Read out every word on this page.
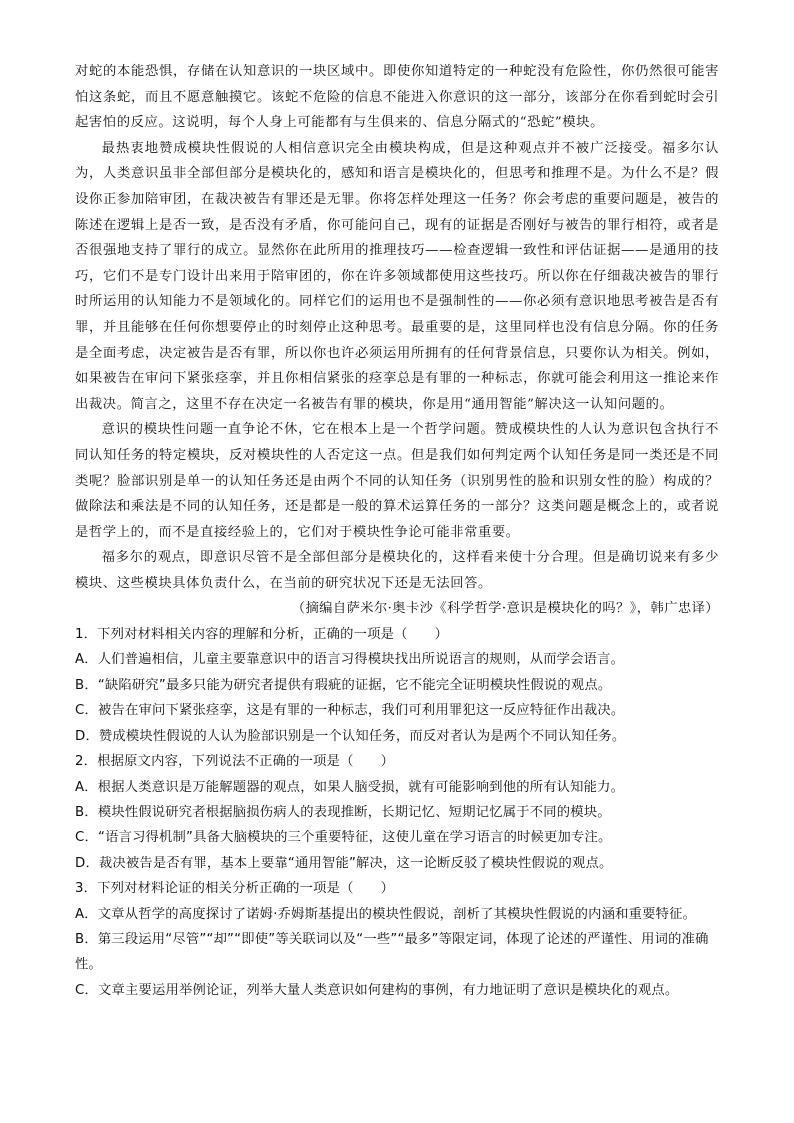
对蛇的本能恐惧，存储在认知意识的一块区域中。即使你知道特定的一种蛇没有危险性，你仍然很可能害怕这条蛇，而且不愿意触摸它。该蛇不危险的信息不能进入你意识的这一部分，该部分在你看到蛇时会引起害怕的反应。这说明，每个人身上可能都有与生俱来的、信息分隔式的“恐蛇”模块。

最热衷地赞成模块性假说的人相信意识完全由模块构成，但是这种观点并不被广泛接受。福多尔认为，人类意识虽非全部但部分是模块化的，感知和语言是模块化的，但思考和推理不是。为什么不是？假设你正参加陪审团，在裁决被告有罪还是无罪。你将怎样处理这一任务？你会考虑的重要问题是，被告的陈述在逻辑上是否一致，是否没有矛盾，你可能问自己，现有的证据是否刚好与被告的罪行相符，或者是否很强地支持了罪行的成立。显然你在此所用的推理技巧——检查逻辑一致性和评估证据——是通用的技巧，它们不是专门设计出来用于陪审团的，你在许多领域都使用这些技巧。所以你在仔细裁决被告的罪行时所运用的认知能力不是领域化的。同样它们的运用也不是强制性的——你必须有意识地思考被告是否有罪，并且能够在任何你想要停止的时刻停止这种思考。最重要的是，这里同样也没有信息分隔。你的任务是全面考虑，决定被告是否有罪，所以你也许必须运用所拥有的任何背景信息，只要你认为相关。例如，如果被告在审问下紧张痉挛，并且你相信紧张的痉挛总是有罪的一种标志，你就可能会利用这一推论来作出裁决。简言之，这里不存在决定一名被告有罪的模块，你是用“通用智能”解决这一认知问题的。

意识的模块性问题一直争论不休，它在根本上是一个哲学问题。赞成模块性的人认为意识包含执行不同认知任务的特定模块，反对模块性的人否定这一点。但是我们如何判定两个认知任务是同一类还是不同类呢？脸部识别是单一的认知任务还是由两个不同的认知任务（识别男性的脸和识别女性的脸）构成的？做除法和乘法是不同的认知任务，还是都是一般的算术运算任务的一部分？这类问题是概念上的，或者说是哲学上的，而不是直接经验上的，它们对于模块性争论可能非常重要。

福多尔的观点，即意识尽管不是全部但部分是模块化的，这样看来使十分合理。但是确切说来有多少模块、这些模块具体负责什么，在当前的研究状况下还是无法回答。

（摘编自萨米尔·奥卡沙《科学哲学·意识是模块化的吗？》，韩广忠译）

1．下列对材料相关内容的理解和分析，正确的一项是（　　）

A．人们普遍相信，儿童主要靠意识中的语言习得模块找出所说语言的规则，从而学会语言。

B．“缺陷研究”最多只能为研究者提供有瑕疵的证据，它不能完全证明模块性假说的观点。

C．被告在审问下紧张痉挛，这是有罪的一种标志，我们可利用罪犯这一反应特征作出裁决。

D．赞成模块性假说的人认为脸部识别是一个认知任务，而反对者认为是两个不同认知任务。

2．根据原文内容，下列说法不正确的一项是（　　）

A．根据人类意识是万能解题器的观点，如果人脑受损，就有可能影响到他的所有认知能力。

B．模块性假说研究者根据脑损伤病人的表现推断，长期记忆、短期记忆属于不同的模块。

C．“语言习得机制”具备大脑模块的三个重要特征，这使儿童在学习语言的时候更加专注。

D．裁决被告是否有罪，基本上要靠“通用智能”解决，这一论断反驳了模块性假说的观点。

3．下列对材料论证的相关分析正确的一项是（　　）

A．文章从哲学的高度探讨了诺姆·乔姆斯基提出的模块性假说，剖析了其模块性假说的内涵和重要特征。

B．第三段运用“尽管”“却”“即使”等关联词以及“一些”“最多”等限定词，体现了论述的严谨性、用词的准确性。

C．文章主要运用举例论证，列举大量人类意识如何建构的事例，有力地证明了意识是模块化的观点。
